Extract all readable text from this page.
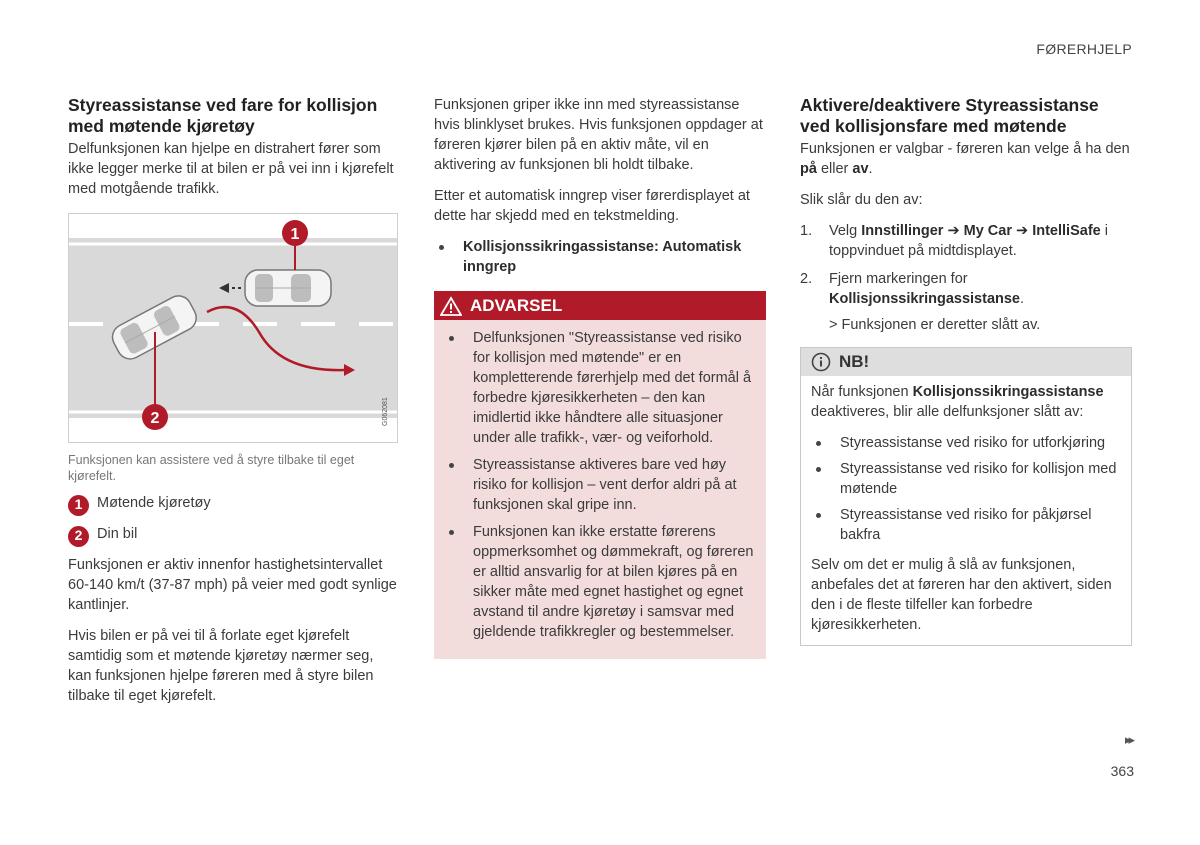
FØRERHJELP
Styreassistanse ved fare for kollisjon med møtende kjøretøy

Delfunksjonen kan hjelpe en distrahert fører som ikke legger merke til at bilen er på vei inn i kjørefelt med motgående trafikk.

1
2	G062081
Funksjonen kan assistere ved å styre tilbake til eget kjørefelt.
1	Møtende kjøretøy
2	Din bil

Funksjonen er aktiv innenfor hastighetsintervallet 60-140 km/t (37-87 mph) på veier med godt synlige kantlinjer.

Hvis bilen er på vei til å forlate eget kjørefelt samtidig som et møtende kjøretøy nærmer seg, kan funksjonen hjelpe føreren med å styre bilen tilbake til eget kjørefelt.

Funksjonen griper ikke inn med styreassistanse hvis blinklyset brukes. Hvis funksjonen oppdager at føreren kjører bilen på en aktiv måte, vil en aktivering av funksjonen bli holdt tilbake.

Etter et automatisk inngrep viser førerdisplayet at dette har skjedd med en tekstmelding.

Kollisjonssikringassistanse: Automatisk inngrep
ADVARSEL
Delfunksjonen "Styreassistanse ved risiko for kollisjon med møtende" er en kompletterende førerhjelp med det formål å forbedre kjøresikkerheten – den kan imidlertid ikke håndtere alle situasjoner under alle trafikk-, vær- og veiforhold.
Styreassistanse aktiveres bare ved høy risiko for kollisjon – vent derfor aldri på at funksjonen skal gripe inn.
Funksjonen kan ikke erstatte førerens oppmerksomhet og dømmekraft, og føreren er alltid ansvarlig for at bilen kjøres på en sikker måte med egnet hastighet og egnet avstand til andre kjøretøy i samsvar med gjeldende trafikkregler og bestemmelser.
Aktivere/deaktivere Styreassistanse ved kollisjonsfare med møtende

Funksjonen er valgbar - føreren kan velge å ha den på eller av.

Slik slår du den av:

1. Velg Innstillinger ➔ My Car ➔ IntelliSafe i toppvinduet på midtdisplayet.
2. Fjern markeringen for Kollisjonssikringassistanse.
> Funksjonen er deretter slått av.
NB!

Når funksjonen Kollisjonssikringassistanse deaktiveres, blir alle delfunksjoner slått av:

Styreassistanse ved risiko for utforkjøring
Styreassistanse ved risiko for kollisjon med møtende
Styreassistanse ved risiko for påkjørsel bakfra

Selv om det er mulig å slå av funksjonen, anbefales det at føreren har den aktivert, siden den i de fleste tilfeller kan forbedre kjøresikkerheten.

▸▸
363
